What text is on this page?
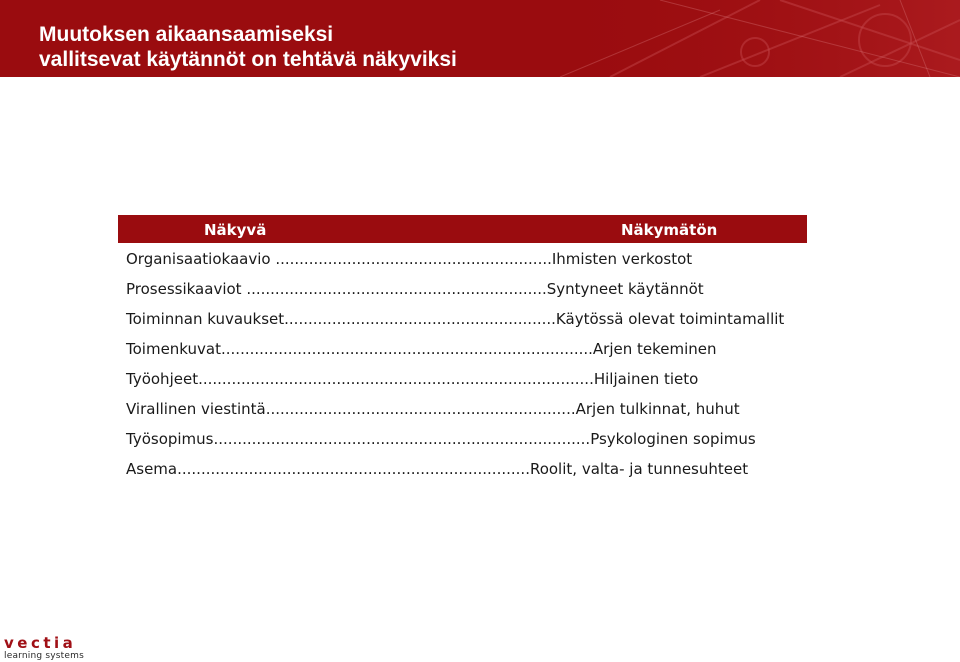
Muutoksen aikaansaamiseksi
vallitsevat käytännöt on tehtävä näkyviksi
Näkyvä	Näkymätön
Organisaatiokaavio ..........................................................Ihmisten verkostot
Prosessikaaviot ...............................................................Syntyneet käytännöt
Toiminnan kuvaukset.........................................................Käytössä olevat toimintamallit
Toimenkuvat..............................................................................Arjen tekeminen
Työohjeet...................................................................................Hiljainen tieto
Virallinen viestintä.................................................................Arjen tulkinnat, huhut
Työsopimus...............................................................................Psykologinen sopimus
Asema..........................................................................Roolit, valta- ja tunnesuhteet
vectia
learning systems
